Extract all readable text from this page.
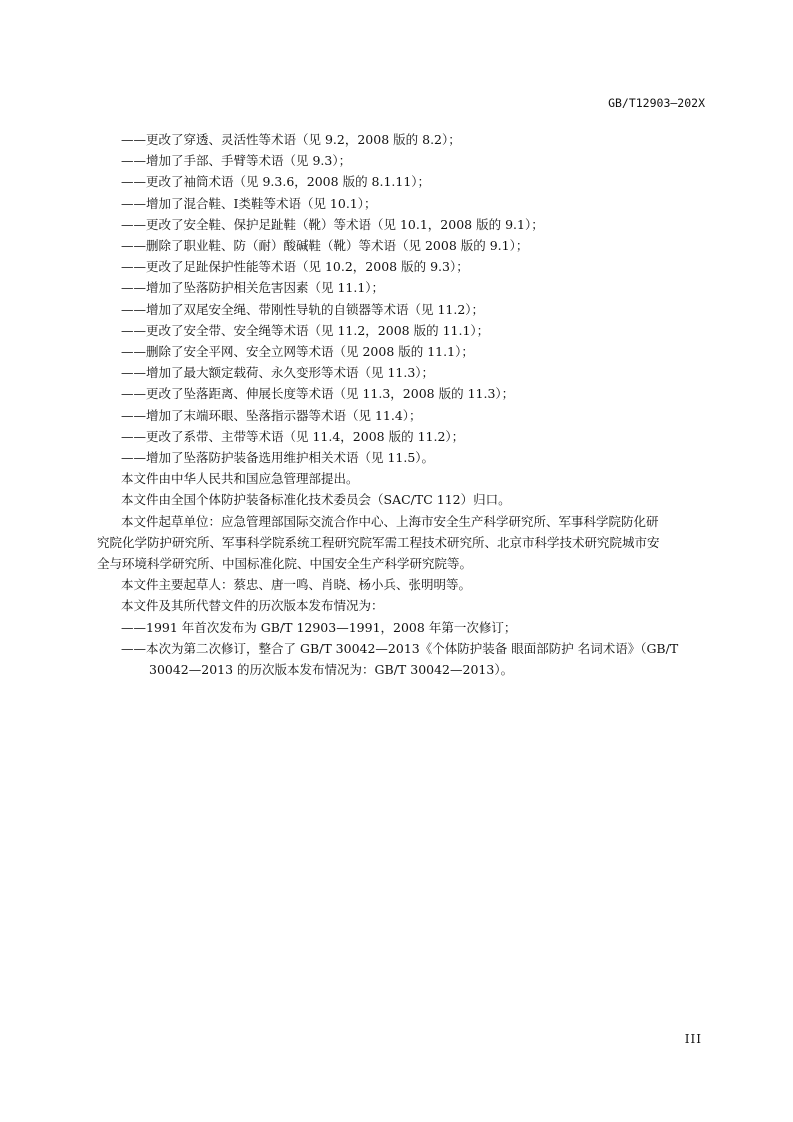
GB/T12903—202X
——更改了穿透、灵活性等术语（见 9.2，2008 版的 8.2）；
——增加了手部、手臂等术语（见 9.3）；
——更改了袖筒术语（见 9.3.6，2008 版的 8.1.11）；
——增加了混合鞋、Ⅰ类鞋等术语（见 10.1）；
——更改了安全鞋、保护足趾鞋（靴）等术语（见 10.1，2008 版的 9.1）；
——删除了职业鞋、防（耐）酸碱鞋（靴）等术语（见 2008 版的 9.1）；
——更改了足趾保护性能等术语（见 10.2，2008 版的 9.3）；
——增加了坠落防护相关危害因素（见 11.1）；
——增加了双尾安全绳、带刚性导轨的自锁器等术语（见 11.2）；
——更改了安全带、安全绳等术语（见 11.2，2008 版的 11.1）；
——删除了安全平网、安全立网等术语（见 2008 版的 11.1）；
——增加了最大额定载荷、永久变形等术语（见 11.3）；
——更改了坠落距离、伸展长度等术语（见 11.3，2008 版的 11.3）；
——增加了末端环眼、坠落指示器等术语（见 11.4）；
——更改了系带、主带等术语（见 11.4，2008 版的 11.2）；
——增加了坠落防护装备选用维护相关术语（见 11.5）。
本文件由中华人民共和国应急管理部提出。
本文件由全国个体防护装备标准化技术委员会（SAC/TC 112）归口。
本文件起草单位：应急管理部国际交流合作中心、上海市安全生产科学研究所、军事科学院防化研
究院化学防护研究所、军事科学院系统工程研究院军需工程技术研究所、北京市科学技术研究院城市安
全与环境科学研究所、中国标准化院、中国安全生产科学研究院等。
本文件主要起草人：蔡忠、唐一鸣、肖晓、杨小兵、张明明等。
本文件及其所代替文件的历次版本发布情况为：
——1991 年首次发布为 GB/T 12903—1991，2008 年第一次修订；
——本次为第二次修订，整合了 GB/T 30042—2013《个体防护装备 眼面部防护 名词术语》（GB/T
30042—2013 的历次版本发布情况为：GB/T 30042—2013）。
III
